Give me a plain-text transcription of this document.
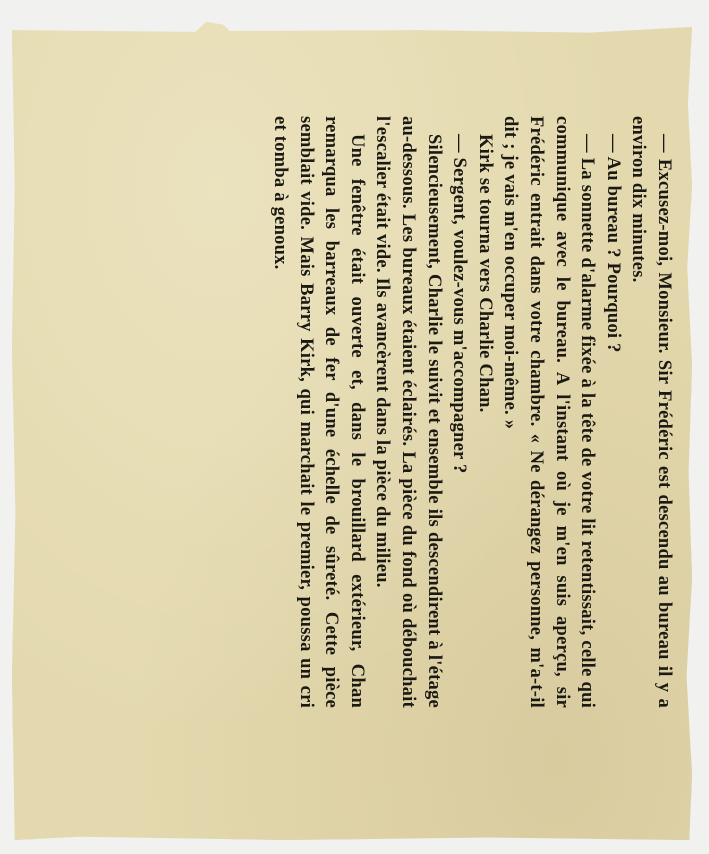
— Excusez-moi, Monsieur. Sir Frédéric est descendu au bureau il y a environ dix minutes.

— Au bureau ? Pourquoi ?

— La sonnette d'alarme fixée à la tête de votre lit retentissait, celle qui communique avec le bureau. A l'instant où je m'en suis aperçu, sir Frédéric entrait dans votre chambre. « Ne dérangez personne, m'a-t-il dit ; je vais m'en occuper moi-même. »

Kirk se tourna vers Charlie Chan.

— Sergent, voulez-vous m'accompagner ?

Silencieusement, Charlie le suivit et ensemble ils descendirent à l'étage au-dessous. Les bureaux étaient éclairés. La pièce du fond où débouchait l'escalier était vide. Ils avancèrent dans la pièce du milieu.

Une fenêtre était ouverte et, dans le brouillard extérieur, Chan remarqua les barreaux de fer d'une échelle de sûreté. Cette pièce semblait vide. Mais Barry Kirk, qui marchait le premier, poussa un cri et tomba à genoux.
